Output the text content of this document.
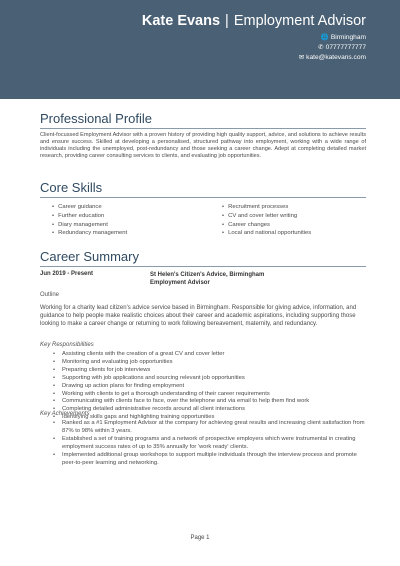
Kate Evans | Employment Advisor
🌐 Birmingham
✆ 07777777777
✉ kate@katevans.com
Professional Profile
Client-focussed Employment Advisor with a proven history of providing high quality support, advice, and solutions to achieve results and ensure success. Skilled at developing a personalised, structured pathway into employment, working with a wide range of individuals including the unemployed, post-redundancy and those seeking a career change. Adept at completing detailed market research, providing career consulting services to clients, and evaluating job opportunities.
Core Skills
• Career guidance
• Further education
• Diary management
• Redundancy management
• Recruitment processes
• CV and cover letter writing
• Career changes
• Local and national opportunities
Career Summary
Jun 2019 - Present	St Helen's Citizen's Advice, Birmingham
Employment Advisor
Outline
Working for a charity lead citizen's advice service based in Birmingham. Responsible for giving advice, information, and guidance to help people make realistic choices about their career and academic aspirations, including supporting those looking to make a career change or returning to work following bereavement, maternity, and redundancy.
Key Responsibilities
• Assisting clients with the creation of a great CV and cover letter
• Monitoring and evaluating job opportunities
• Preparing clients for job interviews
• Supporting with job applications and sourcing relevant job opportunities
• Drawing up action plans for finding employment
• Working with clients to get a thorough understanding of their career requirements
• Communicating with clients face to face, over the telephone and via email to help them find work
• Completing detailed administrative records around all client interactions
• Identifying skills gaps and highlighting training opportunities
Key Achievements
• Ranked as a #1 Employment Advisor at the company for achieving great results and increasing client satisfaction from 87% to 98% within 3 years.
• Established a set of training programs and a network of prospective employers which were instrumental in creating employment success rates of up to 35% annually for 'work ready' clients.
• Implemented additional group workshops to support multiple individuals through the interview process and promote peer-to-peer learning and networking.
Page 1
